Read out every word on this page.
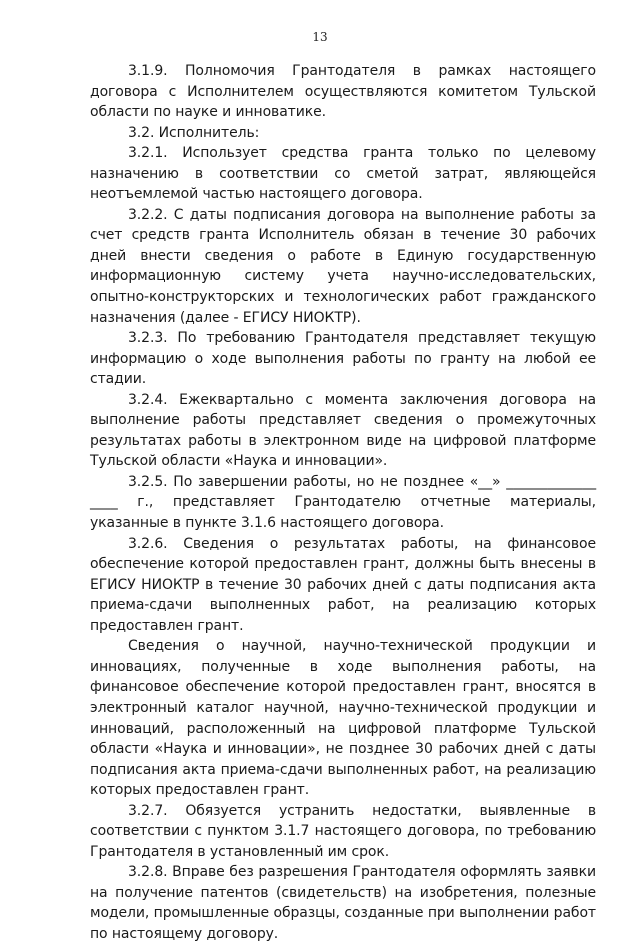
13

3.1.9. Полномочия Грантодателя в рамках настоящего договора с Исполнителем осуществляются комитетом Тульской области по науке и инноватике.

3.2. Исполнитель:

3.2.1. Использует средства гранта только по целевому назначению в соответствии со сметой затрат, являющейся неотъемлемой частью настоящего договора.

3.2.2. С даты подписания договора на выполнение работы за счет средств гранта Исполнитель обязан в течение 30 рабочих дней внести сведения о работе в Единую государственную информационную систему учета научно-исследовательских, опытно-конструкторских и технологических работ гражданского назначения (далее - ЕГИСУ НИОКТР).

3.2.3. По требованию Грантодателя представляет текущую информацию о ходе выполнения работы по гранту на любой ее стадии.

3.2.4. Ежеквартально с момента заключения договора на выполнение работы представляет сведения о промежуточных результатах работы в электронном виде на цифровой платформе Тульской области «Наука и инновации».

3.2.5. По завершении работы, но не позднее «__» _____________ ____ г., представляет Грантодателю отчетные материалы, указанные в пункте 3.1.6 настоящего договора.

3.2.6. Сведения о результатах работы, на финансовое обеспечение которой предоставлен грант, должны быть внесены в ЕГИСУ НИОКТР в течение 30 рабочих дней с даты подписания акта приема-сдачи выполненных работ, на реализацию которых предоставлен грант.

Сведения о научной, научно-технической продукции и инновациях, полученные в ходе выполнения работы, на финансовое обеспечение которой предоставлен грант, вносятся в электронный каталог научной, научно-технической продукции и инноваций, расположенный на цифровой платформе Тульской области «Наука и инновации», не позднее 30 рабочих дней с даты подписания акта приема-сдачи выполненных работ, на реализацию которых предоставлен грант.

3.2.7. Обязуется устранить недостатки, выявленные в соответствии с пунктом 3.1.7 настоящего договора, по требованию Грантодателя в установленный им срок.

3.2.8. Вправе без разрешения Грантодателя оформлять заявки на получение патентов (свидетельств) на изобретения, полезные модели, промышленные образцы, созданные при выполнении работ по настоящему договору.
